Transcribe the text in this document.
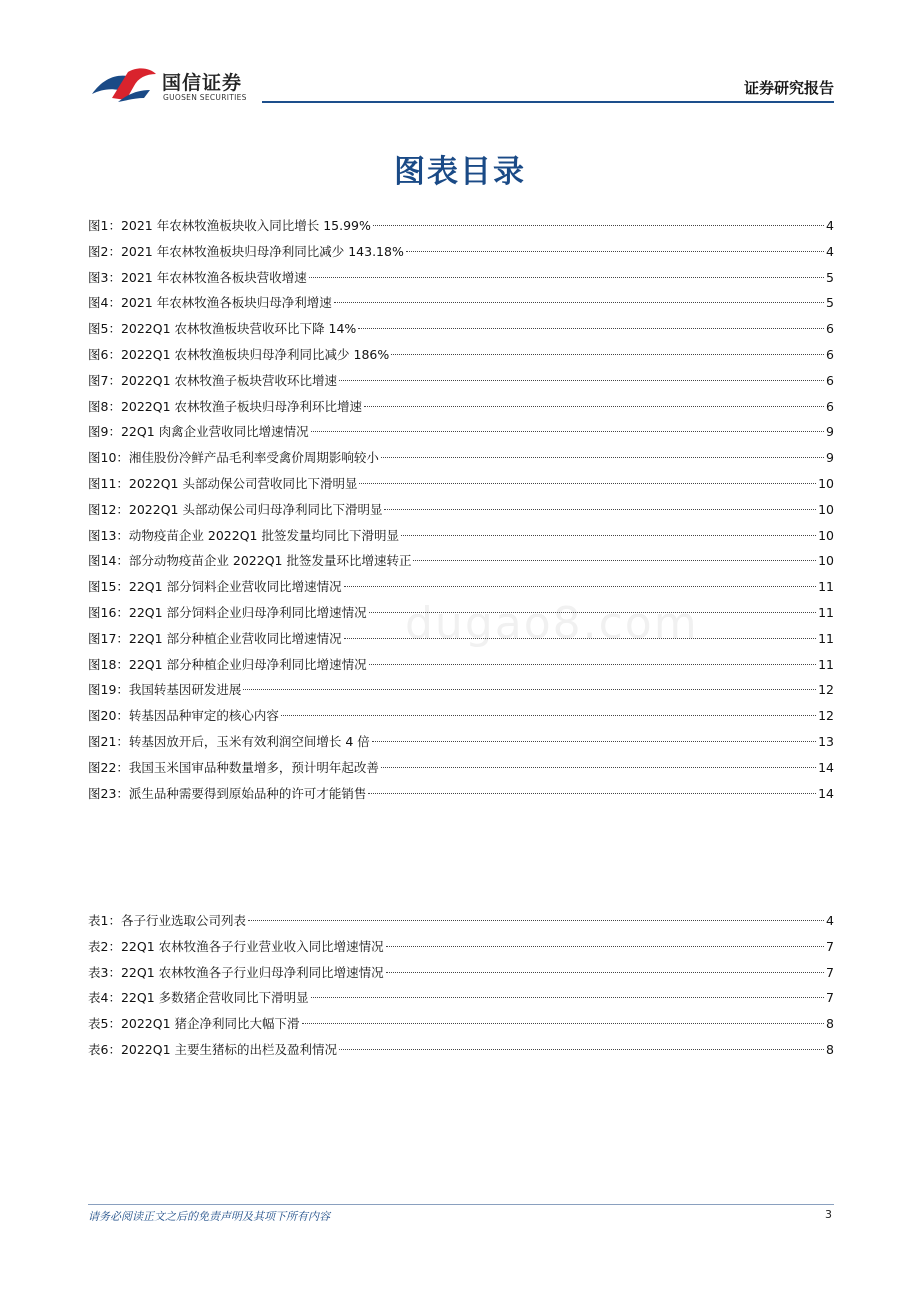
国信证券
GUOSEN SECURITIES
证券研究报告
图表目录
dugao8.com
图1： 2021 年农林牧渔板块收入同比增长 15.99%	4
图2： 2021 年农林牧渔板块归母净利同比减少 143.18%	4
图3： 2021 年农林牧渔各板块营收增速	5
图4： 2021 年农林牧渔各板块归母净利增速	5
图5： 2022Q1 农林牧渔板块营收环比下降 14%	6
图6： 2022Q1 农林牧渔板块归母净利同比减少 186%	6
图7： 2022Q1 农林牧渔子板块营收环比增速	6
图8： 2022Q1 农林牧渔子板块归母净利环比增速	6
图9： 22Q1 肉禽企业营收同比增速情况	9
图10： 湘佳股份冷鲜产品毛利率受禽价周期影响较小	9
图11： 2022Q1 头部动保公司营收同比下滑明显	10
图12： 2022Q1 头部动保公司归母净利同比下滑明显	10
图13： 动物疫苗企业 2022Q1 批签发量均同比下滑明显	10
图14： 部分动物疫苗企业 2022Q1 批签发量环比增速转正	10
图15： 22Q1 部分饲料企业营收同比增速情况	11
图16： 22Q1 部分饲料企业归母净利同比增速情况	11
图17： 22Q1 部分种植企业营收同比增速情况	11
图18： 22Q1 部分种植企业归母净利同比增速情况	11
图19： 我国转基因研发进展	12
图20： 转基因品种审定的核心内容	12
图21： 转基因放开后，玉米有效利润空间增长 4 倍	13
图22： 我国玉米国审品种数量增多，预计明年起改善	14
图23： 派生品种需要得到原始品种的许可才能销售	14
表1： 各子行业选取公司列表	4
表2： 22Q1 农林牧渔各子行业营业收入同比增速情况	7
表3： 22Q1 农林牧渔各子行业归母净利同比增速情况	7
表4： 22Q1 多数猪企营收同比下滑明显	7
表5： 2022Q1 猪企净利同比大幅下滑	8
表6： 2022Q1 主要生猪标的出栏及盈利情况	8
请务必阅读正文之后的免责声明及其项下所有内容	3
